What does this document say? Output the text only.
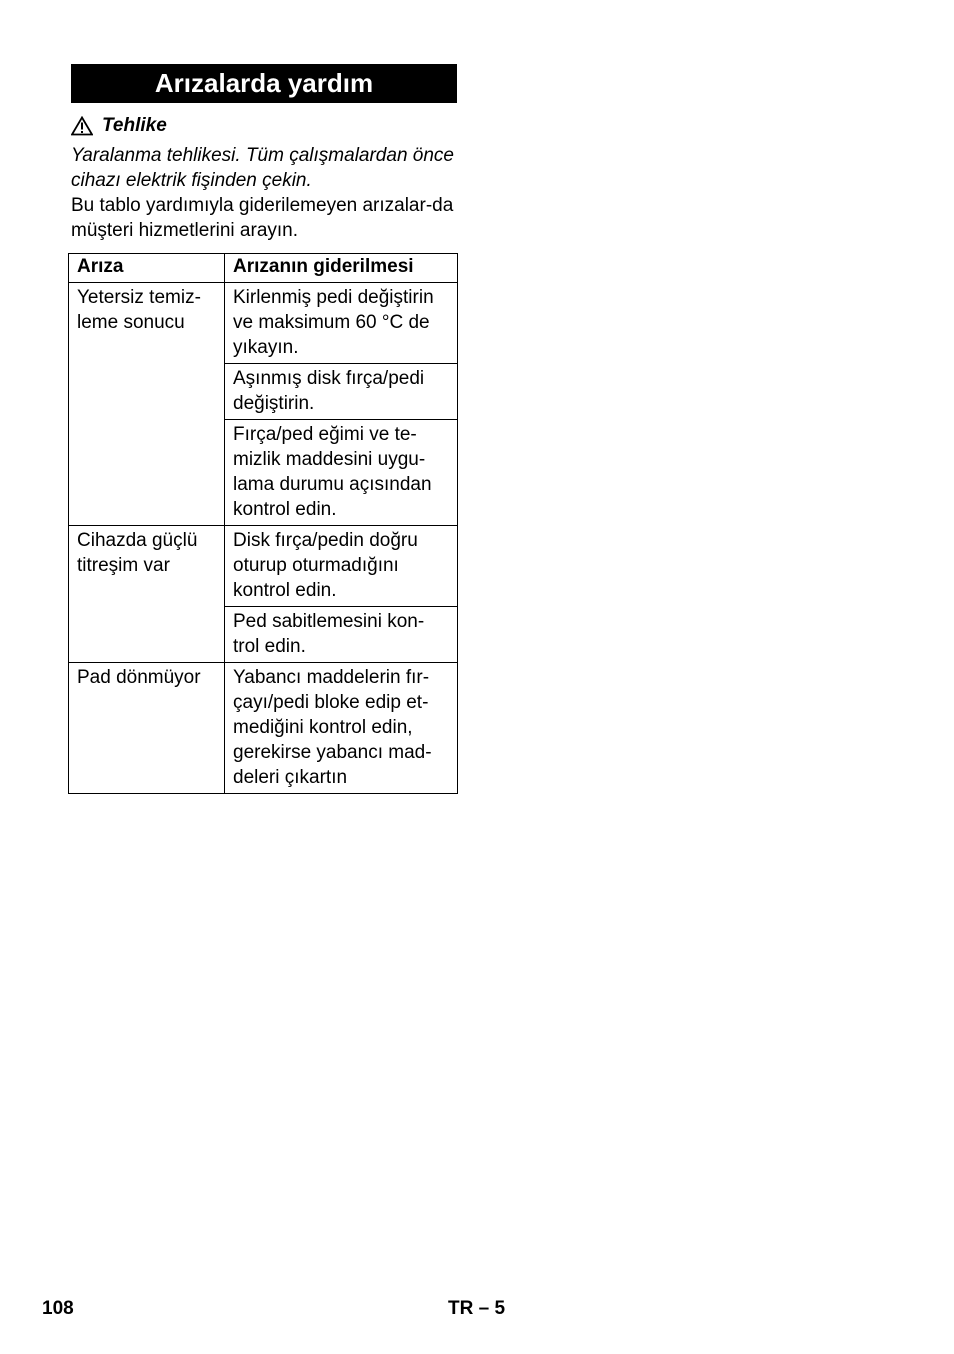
Arızalarda yardım
Tehlike
Yaralanma tehlikesi. Tüm çalışmalardan önce cihazı elektrik fişinden çekin.
Bu tablo yardımıyla giderilemeyen arızalar-da müşteri hizmetlerini arayın.
Arıza	Arızanın giderilmesi
Yetersiz temiz-leme sonucu	Kirlenmiş pedi değiştirin ve maksimum 60 °C de yıkayın.
	Aşınmış disk fırça/pedi değiştirin.
	Fırça/ped eğimi ve te-mizlik maddesini uygu-lama durumu açısından kontrol edin.
Cihazda güçlü titreşim var	Disk fırça/pedin doğru oturup oturmadığını kontrol edin.
	Ped sabitlemesini kon-trol edin.
Pad dönmüyor	Yabancı maddelerin fır-çayı/pedi bloke edip et-mediğini kontrol edin, gerekirse yabancı mad-deleri çıkartın
108	TR – 5
